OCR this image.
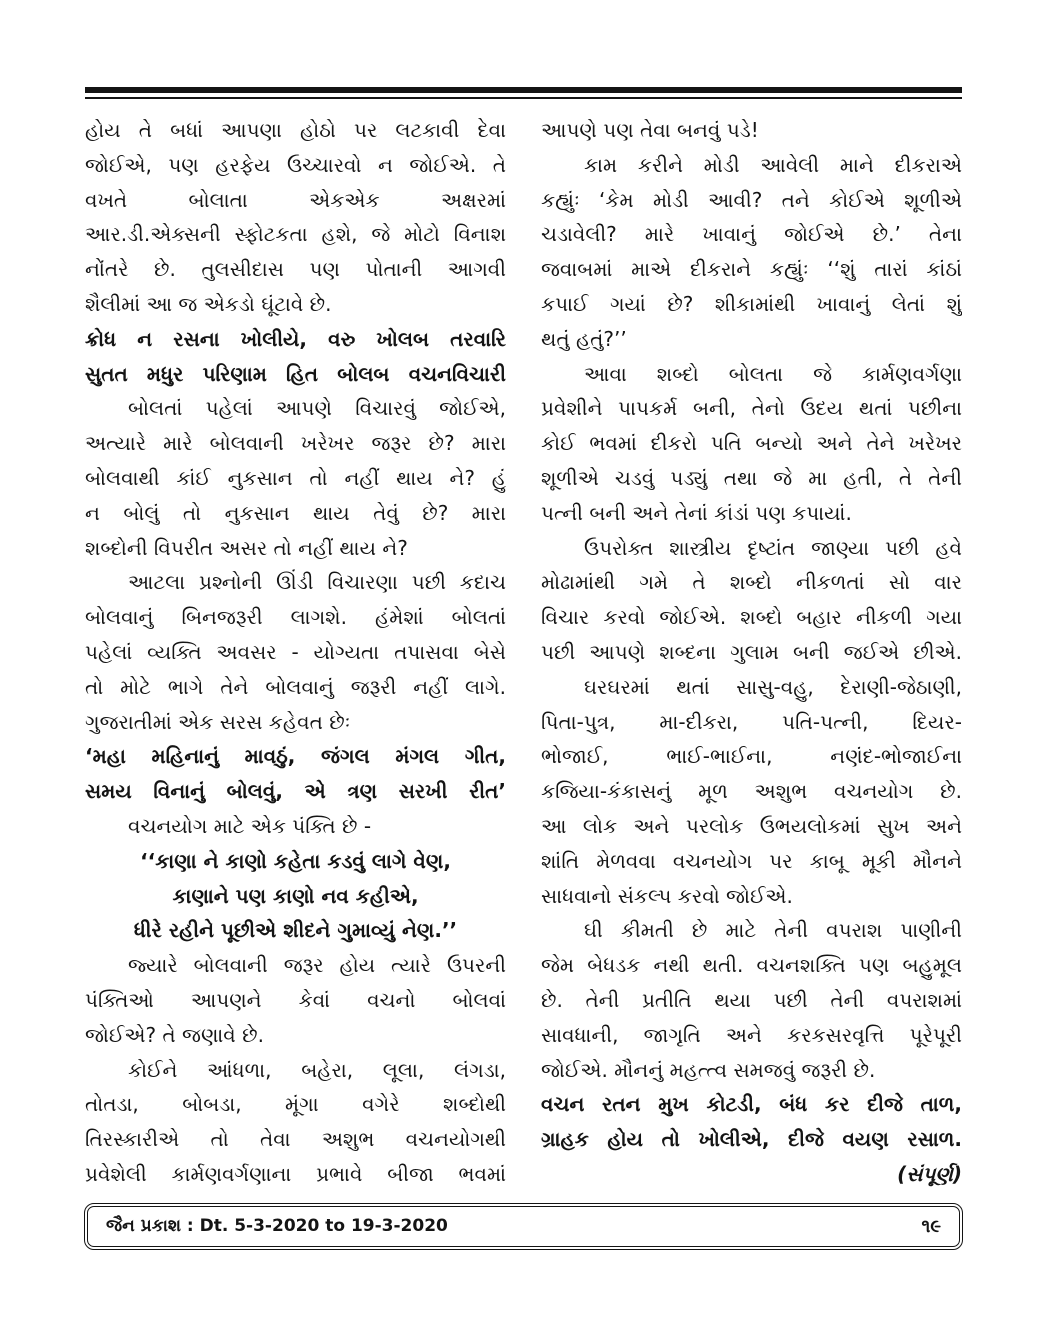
હોય તે બધાં આપણા હોઠો પર લટકાવી દેવા
જોઈએ, પણ હરફેય ઉચ્ચારવો ન જોઈએ. તે
વખતે બોલાતા એકએક અક્ષરમાં
આર.ડી.એક્સની સ્ફોટકતા હશે, જે મોટો વિનાશ
નોંતરે છે. તુલસીદાસ પણ પોતાની આગવી
શૈલીમાં આ જ એકડો ઘૂંટાવે છે.
ક્રોધ ન રસના ખોલીયે, વરુ ખોલબ તરવારિ
સુતત મધુર પરિણામ હિત બોલબ વચનવિચારી
બોલતાં પહેલાં આપણે વિચારવું જોઈએ,
અત્યારે મારે બોલવાની ખરેખર જરૂર છે? મારા
બોલવાથી કાંઈ નુકસાન તો નહીં થાય ને? હું
ન બોલું તો નુકસાન થાય તેવું છે? મારા
શબ્દોની વિપરીત અસર તો નહીં થાય ને?
આટલા પ્રશ્નોની ઊંડી વિચારણા પછી કદાચ
બોલવાનું બિનજરૂરી લાગશે. હંમેશાં બોલતાં
પહેલાં વ્યક્તિ અવસર - યોગ્યતા તપાસવા બેસે
તો મોટે ભાગે તેને બોલવાનું જરૂરી નહીં લાગે.
ગુજરાતીમાં એક સરસ કહેવત છેઃ
‘મહા મહિનાનું માવઠું, જંગલ મંગલ ગીત,
સમય વિનાનું બોલવું, એ ત્રણ સરખી રીત’
વચનયોગ માટે એક પંક્તિ છે -
‘‘કાણા ને કાણો કહેતા કડવું લાગે વેણ,
કાણાને પણ કાણો નવ કહીએ,
ધીરે રહીને પૂછીએ શીદને ગુમાવ્યું નેણ.’’
જ્યારે બોલવાની જરૂર હોય ત્યારે ઉપરની
પંક્તિઓ આપણને કેવાં વચનો બોલવાં
જોઈએ? તે જણાવે છે.
કોઈને આંધળા, બહેરા, લૂલા, લંગડા,
તોતડા, બોબડા, મૂંગા વગેરે શબ્દોથી
તિરસ્કારીએ તો તેવા અશુભ વચનયોગથી
પ્રવેશેલી કાર્મણવર્ગણાના પ્રભાવે બીજા ભવમાં
આપણે પણ તેવા બનવું પડે!
કામ કરીને મોડી આવેલી માને દીકરાએ
કહ્યુંઃ ‘કેમ મોડી આવી? તને કોઈએ શૂળીએ
ચડાવેલી? મારે ખાવાનું જોઈએ છે.’ તેના
જવાબમાં માએ દીકરાને કહ્યુંઃ ‘‘શું તારાં કાંઠાં
કપાઈ ગયાં છે? શીકામાંથી ખાવાનું લેતાં શું
થતું હતું?’’
આવા શબ્દો બોલતા જે કાર્મણવર્ગણા
પ્રવેશીને પાપકર્મ બની, તેનો ઉદય થતાં પછીના
કોઈ ભવમાં દીકરો પતિ બન્યો અને તેને ખરેખર
શૂળીએ ચડવું પડ્યું તથા જે મા હતી, તે તેની
પત્ની બની અને તેનાં કાંડાં પણ કપાયાં.
ઉપરોક્ત શાસ્ત્રીય દૃષ્ટાંત જાણ્યા પછી હવે
મોઢામાંથી ગમે તે શબ્દો નીકળતાં સો વાર
વિચાર કરવો જોઈએ. શબ્દો બહાર નીકળી ગયા
પછી આપણે શબ્દના ગુલામ બની જઈએ છીએ.
ઘરઘરમાં થતાં સાસુ-વહુ, દેરાણી-જેઠાણી,
પિતા-પુત્ર, મા-દીકરા, પતિ-પત્ની, દિયર-
ભોજાઈ, ભાઈ-ભાઈના, નણંદ-ભોજાઈના
કજિયા-કંકાસનું મૂળ અશુભ વચનયોગ છે.
આ લોક અને પરલોક ઉભયલોકમાં સુખ અને
શાંતિ મેળવવા વચનયોગ પર કાબૂ મૂકી મૌનને
સાધવાનો સંકલ્પ કરવો જોઈએ.
ઘી કીમતી છે માટે તેની વપરાશ પાણીની
જેમ બેધડક નથી થતી. વચનશક્તિ પણ બહુમૂલ
છે. તેની પ્રતીતિ થયા પછી તેની વપરાશમાં
સાવધાની, જાગૃતિ અને કરકસરવૃત્તિ પૂરેપૂરી
જોઈએ. મૌનનું મહત્ત્વ સમજવું જરૂરી છે.
વચન રતન મુખ કોટડી, બંધ કર દીજે તાળ,
ગ્રાહક હોય તો ખોલીએ, દીજે વયણ રસાળ.
(સંપૂર્ણ)
જૈન પ્રકાશ : Dt. 5-3-2020 to 19-3-2020	૧૯
